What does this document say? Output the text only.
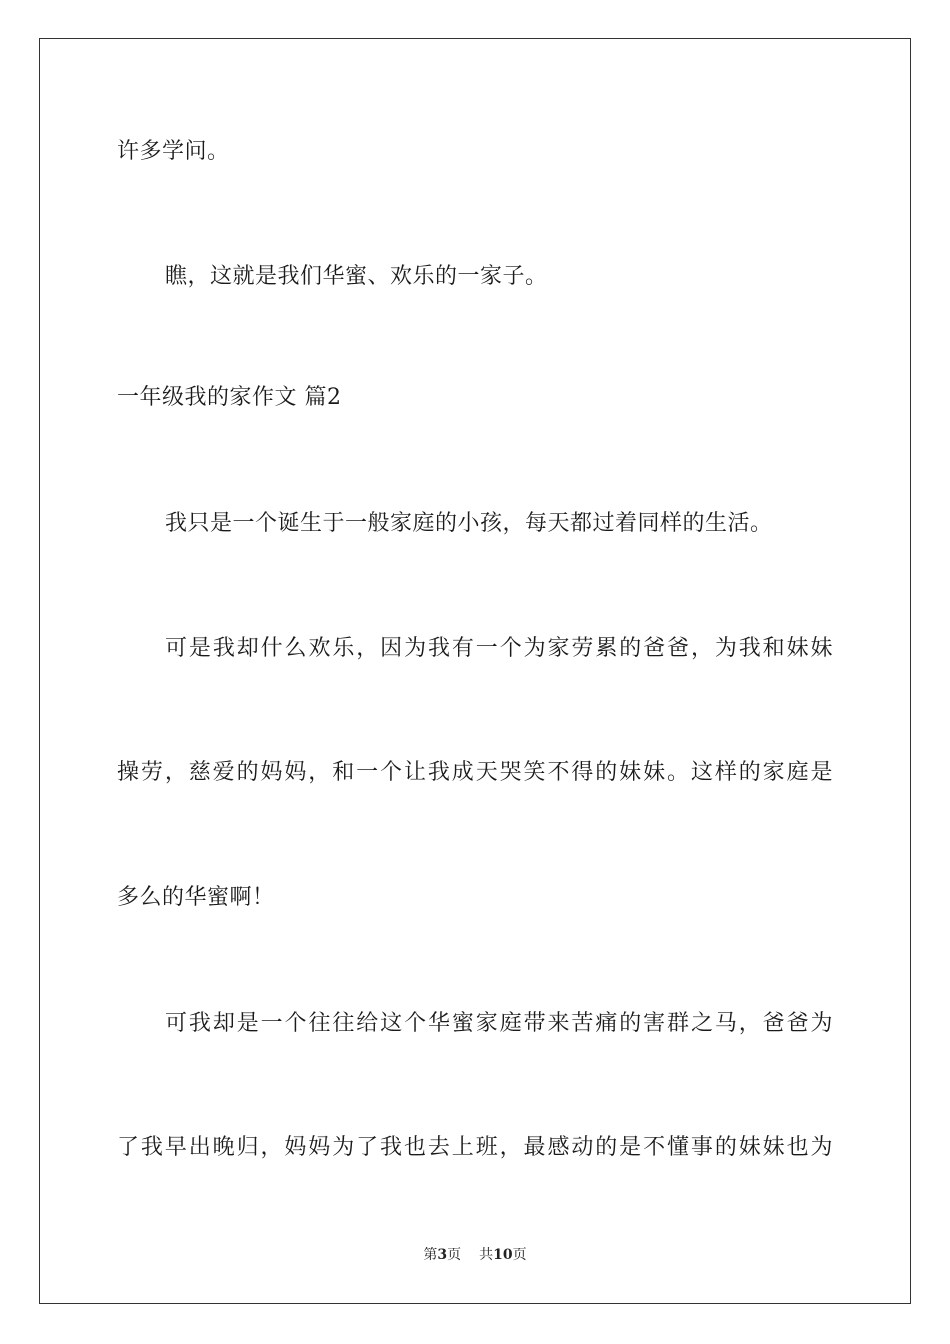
许多学问。
瞧，这就是我们华蜜、欢乐的一家子。
一年级我的家作文 篇2
我只是一个诞生于一般家庭的小孩，每天都过着同样的生活。
可是我却什么欢乐，因为我有一个为家劳累的爸爸，为我和妹妹
操劳，慈爱的妈妈，和一个让我成天哭笑不得的妹妹。这样的家庭是
多么的华蜜啊！
可我却是一个往往给这个华蜜家庭带来苦痛的害群之马，爸爸为
了我早出晚归，妈妈为了我也去上班，最感动的是不懂事的妹妹也为
第3页 共10页
